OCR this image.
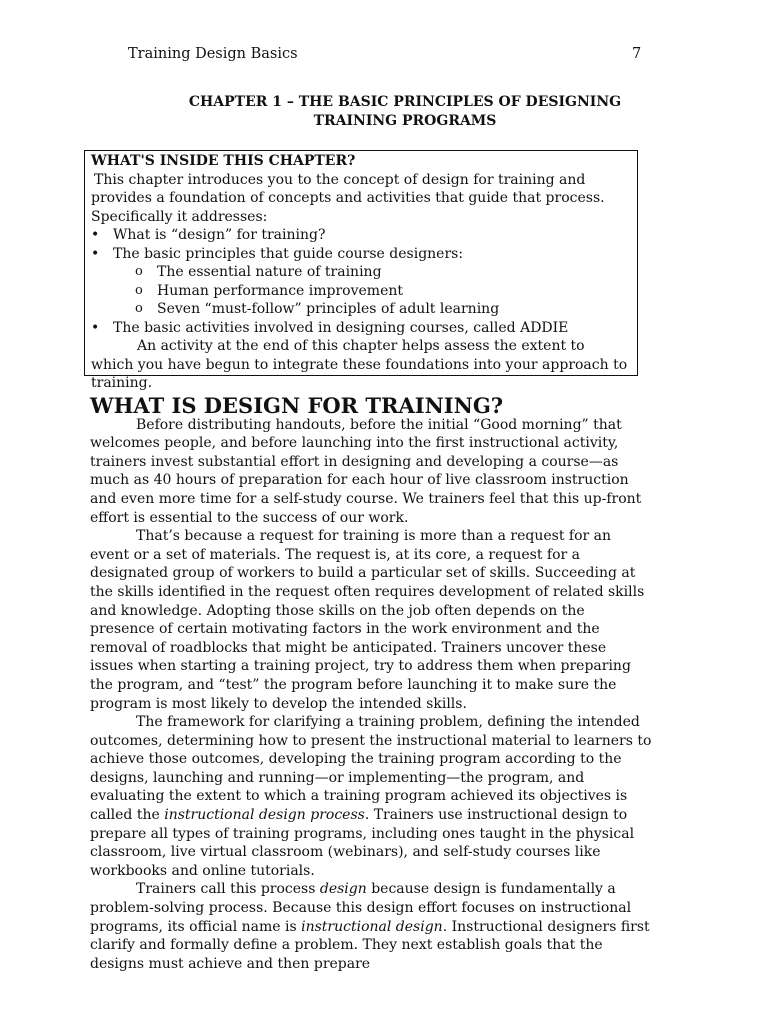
Training Design Basics	7
CHAPTER 1 – THE BASIC PRINCIPLES OF DESIGNING TRAINING PROGRAMS
WHAT'S INSIDE THIS CHAPTER?

This chapter introduces you to the concept of design for training and provides a foundation of concepts and activities that guide that process. Specifically it addresses:

• What is “design” for training?
• The basic principles that guide course designers:
o The essential nature of training
o Human performance improvement
o Seven “must-follow” principles of adult learning
• The basic activities involved in designing courses, called ADDIE

An activity at the end of this chapter helps assess the extent to which you have begun to integrate these foundations into your approach to training.

WHAT IS DESIGN FOR TRAINING?

Before distributing handouts, before the initial “Good morning” that welcomes people, and before launching into the first instructional activity, trainers invest substantial effort in designing and developing a course—as much as 40 hours of preparation for each hour of live classroom instruction and even more time for a self-study course. We trainers feel that this up-front effort is essential to the success of our work.

That’s because a request for training is more than a request for an event or a set of materials. The request is, at its core, a request for a designated group of workers to build a particular set of skills. Succeeding at the skills identified in the request often requires development of related skills and knowledge. Adopting those skills on the job often depends on the presence of certain motivating factors in the work environment and the removal of roadblocks that might be anticipated. Trainers uncover these issues when starting a training project, try to address them when preparing the program, and “test” the program before launching it to make sure the program is most likely to develop the intended skills.

The framework for clarifying a training problem, defining the intended outcomes, determining how to present the instructional material to learners to achieve those outcomes, developing the training program according to the designs, launching and running—or implementing—the program, and evaluating the extent to which a training program achieved its objectives is called the instructional design process. Trainers use instructional design to prepare all types of training programs, including ones taught in the physical classroom, live virtual classroom (webinars), and self-study courses like workbooks and online tutorials.

Trainers call this process design because design is fundamentally a problem-solving process. Because this design effort focuses on instructional programs, its official name is instructional design. Instructional designers first clarify and formally define a problem. They next establish goals that the designs must achieve and then prepare
